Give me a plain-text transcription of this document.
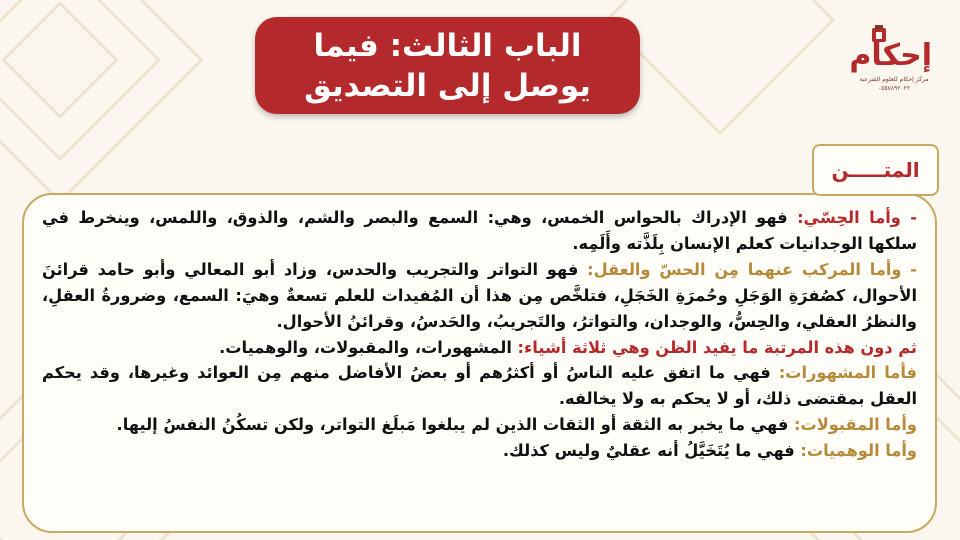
الباب الثالث: فيما
يوصل إلى التصديق
إحكام
مركز إحكام للعلوم الشرعية
٠٥٥٧٨٩٢٠٢٢
المتـــــن

- وأما الحِسّي: فهو الإدراك بالحواس الخمس، وهي: السمع والبصر والشم، والذوق، واللمس، وينخرط في سلكها الوجدانيات كعلم الإنسان بِلَذَّته وأَلَمِه.

- وأما المركب عنهما مِن الحسّ والعقل: فهو التواتر والتجريب والحدس، وزاد أبو المعالي وأبو حامد قرائنَ الأحوال، كصُفرَةِ الوَجَلِ وحُمرَةِ الخَجَلِ، فتلخَّص مِن هذا أن المُفيدات للعلم تسعةٌ وهيَ: السمع، وضرورةُ العقلِ، والنظرُ العقلي، والحِسُّ، والوجدان، والتواترُ، والتَجريبُ، والحَدسُ، وقرائنُ الأحوال.

ثم دون هذه المرتبة ما يفيد الظن وهي ثلاثة أشياء: المشهورات، والمقبولات، والوهميات.

فأما المشهورات: فهي ما اتفق عليه الناسُ أو أكثرُهم أو بعضُ الأفاضل منهم مِن العوائد وغيرها، وقد يحكم العقل بمقتضى ذلك، أو لا يحكم به ولا يخالفه.

وأما المقبولات: فهي ما يخبر به الثقة أو الثقات الذين لم يبلغوا مَبلَغ التواتر، ولكن تسكُنُ النفسُ إليها.

وأما الوهميات: فهي ما يُتَخَيَّلُ أنه عقليٌ وليس كذلك.
